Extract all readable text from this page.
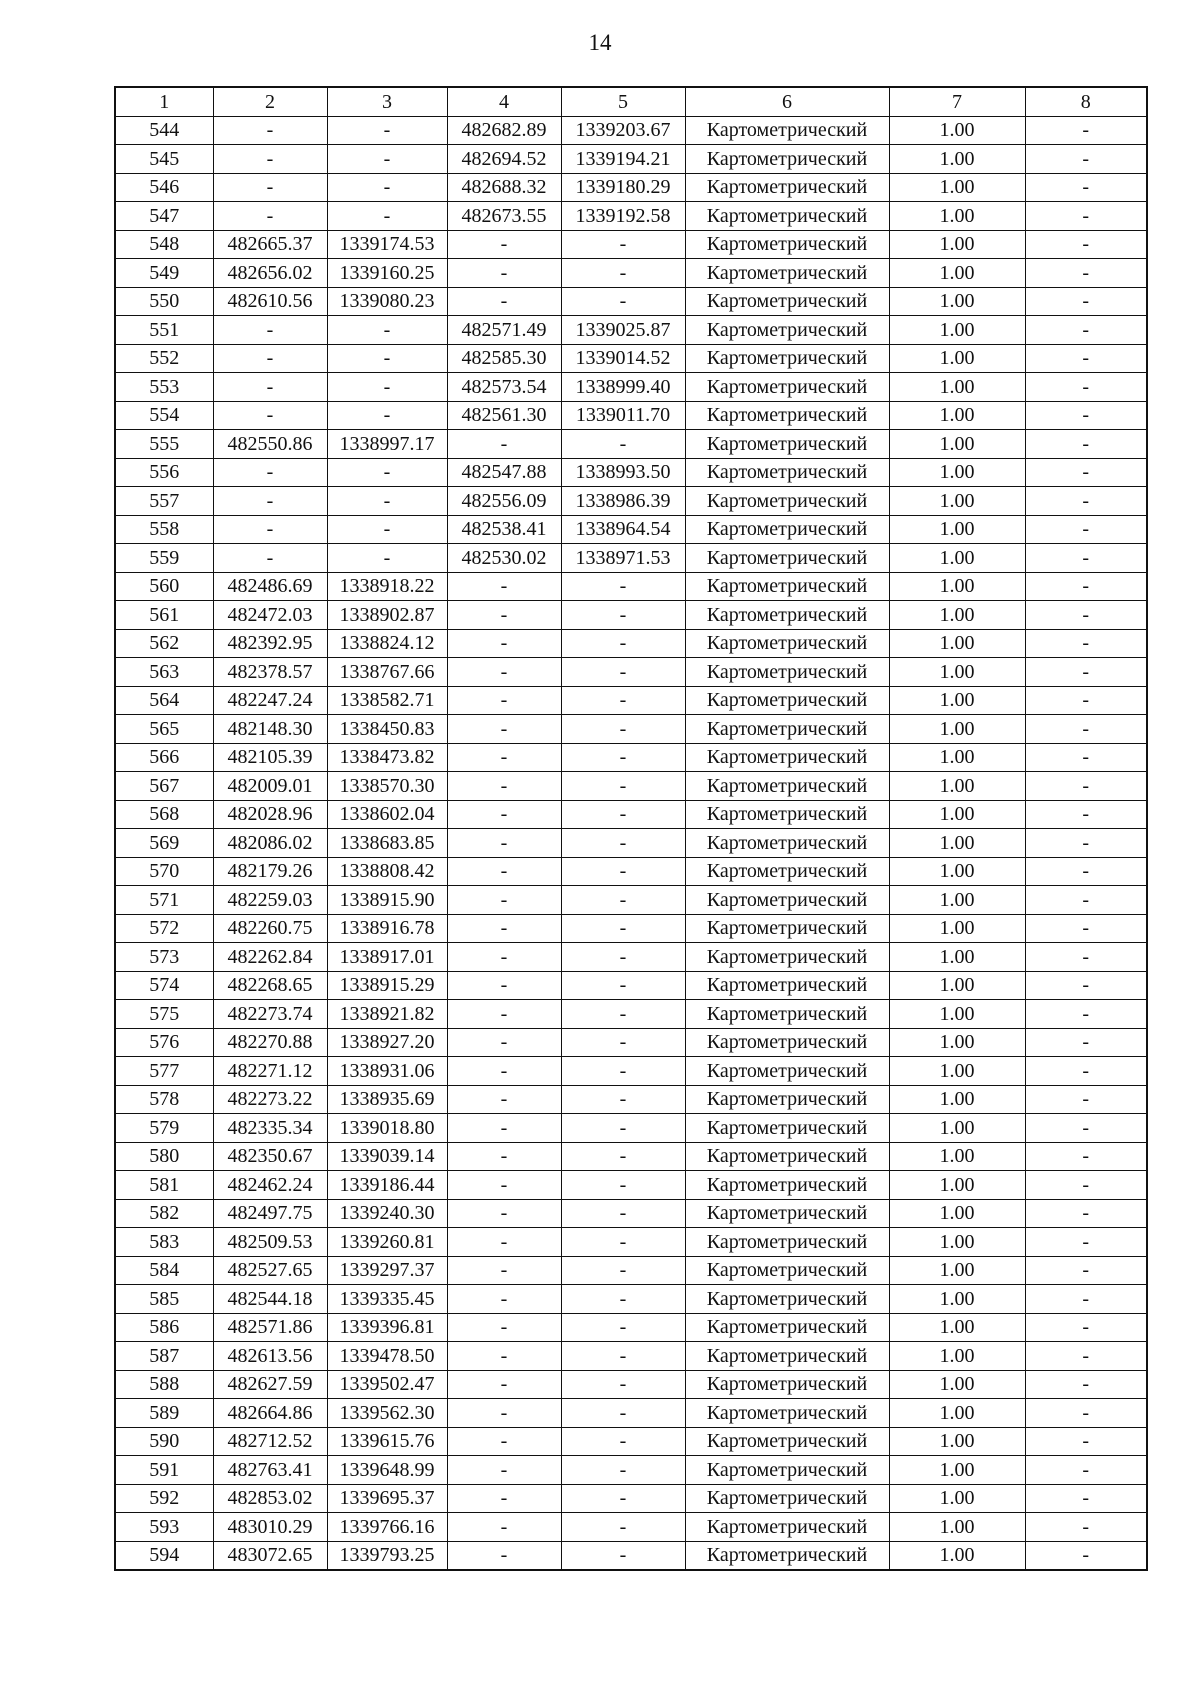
14
1	2	3	4	5	6	7	8
544	-	-	482682.89	1339203.67	Картометрический	1.00	-
545	-	-	482694.52	1339194.21	Картометрический	1.00	-
546	-	-	482688.32	1339180.29	Картометрический	1.00	-
547	-	-	482673.55	1339192.58	Картометрический	1.00	-
548	482665.37	1339174.53	-	-	Картометрический	1.00	-
549	482656.02	1339160.25	-	-	Картометрический	1.00	-
550	482610.56	1339080.23	-	-	Картометрический	1.00	-
551	-	-	482571.49	1339025.87	Картометрический	1.00	-
552	-	-	482585.30	1339014.52	Картометрический	1.00	-
553	-	-	482573.54	1338999.40	Картометрический	1.00	-
554	-	-	482561.30	1339011.70	Картометрический	1.00	-
555	482550.86	1338997.17	-	-	Картометрический	1.00	-
556	-	-	482547.88	1338993.50	Картометрический	1.00	-
557	-	-	482556.09	1338986.39	Картометрический	1.00	-
558	-	-	482538.41	1338964.54	Картометрический	1.00	-
559	-	-	482530.02	1338971.53	Картометрический	1.00	-
560	482486.69	1338918.22	-	-	Картометрический	1.00	-
561	482472.03	1338902.87	-	-	Картометрический	1.00	-
562	482392.95	1338824.12	-	-	Картометрический	1.00	-
563	482378.57	1338767.66	-	-	Картометрический	1.00	-
564	482247.24	1338582.71	-	-	Картометрический	1.00	-
565	482148.30	1338450.83	-	-	Картометрический	1.00	-
566	482105.39	1338473.82	-	-	Картометрический	1.00	-
567	482009.01	1338570.30	-	-	Картометрический	1.00	-
568	482028.96	1338602.04	-	-	Картометрический	1.00	-
569	482086.02	1338683.85	-	-	Картометрический	1.00	-
570	482179.26	1338808.42	-	-	Картометрический	1.00	-
571	482259.03	1338915.90	-	-	Картометрический	1.00	-
572	482260.75	1338916.78	-	-	Картометрический	1.00	-
573	482262.84	1338917.01	-	-	Картометрический	1.00	-
574	482268.65	1338915.29	-	-	Картометрический	1.00	-
575	482273.74	1338921.82	-	-	Картометрический	1.00	-
576	482270.88	1338927.20	-	-	Картометрический	1.00	-
577	482271.12	1338931.06	-	-	Картометрический	1.00	-
578	482273.22	1338935.69	-	-	Картометрический	1.00	-
579	482335.34	1339018.80	-	-	Картометрический	1.00	-
580	482350.67	1339039.14	-	-	Картометрический	1.00	-
581	482462.24	1339186.44	-	-	Картометрический	1.00	-
582	482497.75	1339240.30	-	-	Картометрический	1.00	-
583	482509.53	1339260.81	-	-	Картометрический	1.00	-
584	482527.65	1339297.37	-	-	Картометрический	1.00	-
585	482544.18	1339335.45	-	-	Картометрический	1.00	-
586	482571.86	1339396.81	-	-	Картометрический	1.00	-
587	482613.56	1339478.50	-	-	Картометрический	1.00	-
588	482627.59	1339502.47	-	-	Картометрический	1.00	-
589	482664.86	1339562.30	-	-	Картометрический	1.00	-
590	482712.52	1339615.76	-	-	Картометрический	1.00	-
591	482763.41	1339648.99	-	-	Картометрический	1.00	-
592	482853.02	1339695.37	-	-	Картометрический	1.00	-
593	483010.29	1339766.16	-	-	Картометрический	1.00	-
594	483072.65	1339793.25	-	-	Картометрический	1.00	-
